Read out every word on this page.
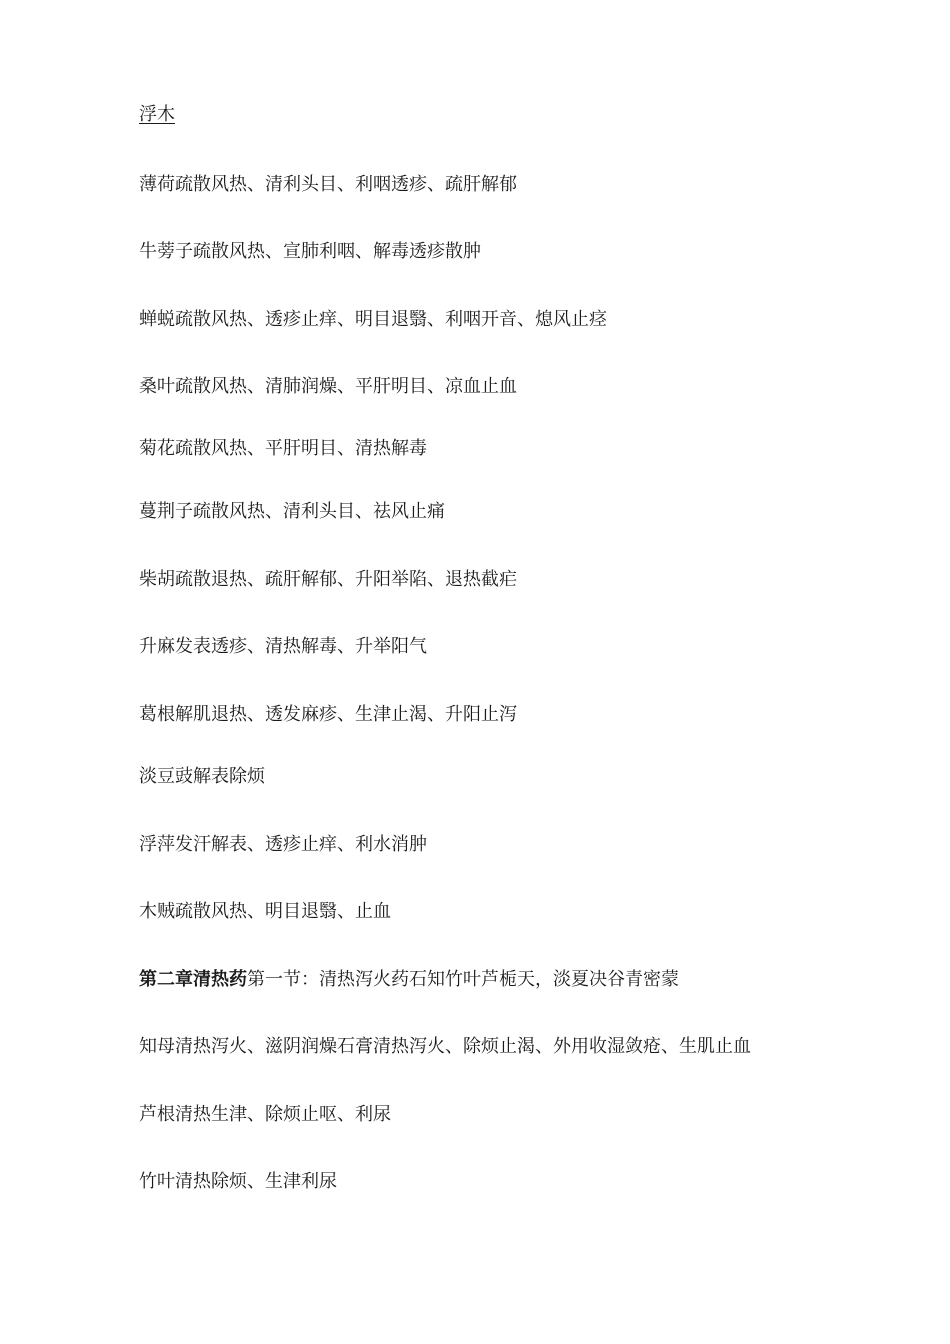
浮木
薄荷疏散风热、清利头目、利咽透疹、疏肝解郁
牛蒡子疏散风热、宣肺利咽、解毒透疹散肿
蝉蜕疏散风热、透疹止痒、明目退翳、利咽开音、熄风止痉
桑叶疏散风热、清肺润燥、平肝明目、凉血止血
菊花疏散风热、平肝明目、清热解毒
蔓荆子疏散风热、清利头目、祛风止痛
柴胡疏散退热、疏肝解郁、升阳举陷、退热截疟
升麻发表透疹、清热解毒、升举阳气
葛根解肌退热、透发麻疹、生津止渴、升阳止泻
淡豆豉解表除烦
浮萍发汗解表、透疹止痒、利水消肿
木贼疏散风热、明目退翳、止血
第二章清热药第一节：清热泻火药石知竹叶芦栀天，淡夏决谷青密蒙
知母清热泻火、滋阴润燥石膏清热泻火、除烦止渴、外用收湿敛疮、生肌止血
芦根清热生津、除烦止呕、利尿
竹叶清热除烦、生津利尿
